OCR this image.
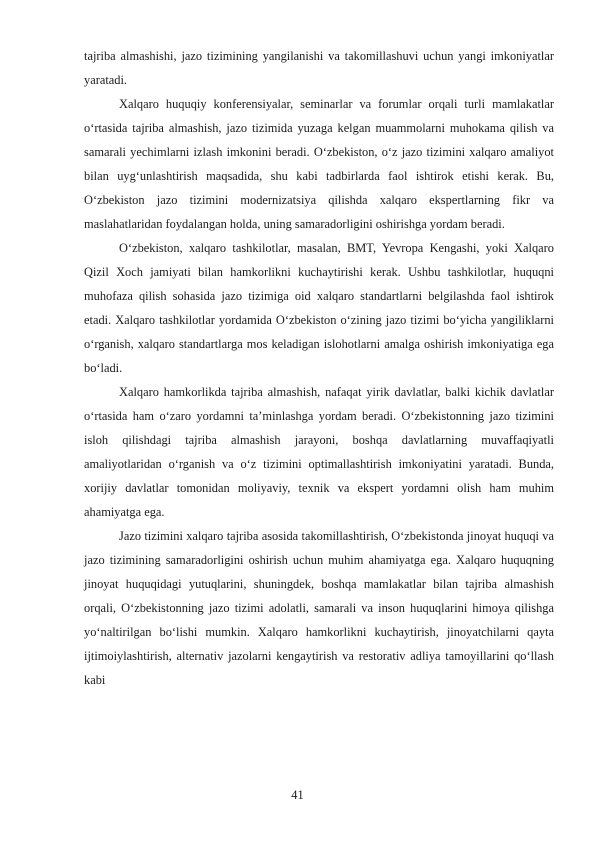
tajriba almashishi, jazo tizimining yangilanishi va takomillashuvi uchun yangi imkoniyatlar yaratadi.

Xalqaro huquqiy konferensiyalar, seminarlar va forumlar orqali turli mamlakatlar o‘rtasida tajriba almashish, jazo tizimida yuzaga kelgan muammolarni muhokama qilish va samarali yechimlarni izlash imkonini beradi. O‘zbekiston, o‘z jazo tizimini xalqaro amaliyot bilan uyg‘unlashtirish maqsadida, shu kabi tadbirlarda faol ishtirok etishi kerak. Bu, O‘zbekiston jazo tizimini modernizatsiya qilishda xalqaro ekspertlarning fikr va maslahatlaridan foydalangan holda, uning samaradorligini oshirishga yordam beradi.

O‘zbekiston, xalqaro tashkilotlar, masalan, BMT, Yevropa Kengashi, yoki Xalqaro Qizil Xoch jamiyati bilan hamkorlikni kuchaytirishi kerak. Ushbu tashkilotlar, huquqni muhofaza qilish sohasida jazo tizimiga oid xalqaro standartlarni belgilashda faol ishtirok etadi. Xalqaro tashkilotlar yordamida O‘zbekiston o‘zining jazo tizimi bo‘yicha yangiliklarni o‘rganish, xalqaro standartlarga mos keladigan islohotlarni amalga oshirish imkoniyatiga ega bo‘ladi.

Xalqaro hamkorlikda tajriba almashish, nafaqat yirik davlatlar, balki kichik davlatlar o‘rtasida ham o‘zaro yordamni ta’minlashga yordam beradi. O‘zbekistonning jazo tizimini isloh qilishdagi tajriba almashish jarayoni, boshqa davlatlarning muvaffaqiyatli amaliyotlaridan o‘rganish va o‘z tizimini optimallashtirish imkoniyatini yaratadi. Bunda, xorijiy davlatlar tomonidan moliyaviy, texnik va ekspert yordamni olish ham muhim ahamiyatga ega.

Jazo tizimini xalqaro tajriba asosida takomillashtirish, O‘zbekistonda jinoyat huquqi va jazo tizimining samaradorligini oshirish uchun muhim ahamiyatga ega. Xalqaro huquqning jinoyat huquqidagi yutuqlarini, shuningdek, boshqa mamlakatlar bilan tajriba almashish orqali, O‘zbekistonning jazo tizimi adolatli, samarali va inson huquqlarini himoya qilishga yo‘naltirilgan bo‘lishi mumkin. Xalqaro hamkorlikni kuchaytirish, jinoyatchilarni qayta ijtimoiylashtirish, alternativ jazolarni kengaytirish va restorativ adliya tamoyillarini qo‘llash kabi

41
